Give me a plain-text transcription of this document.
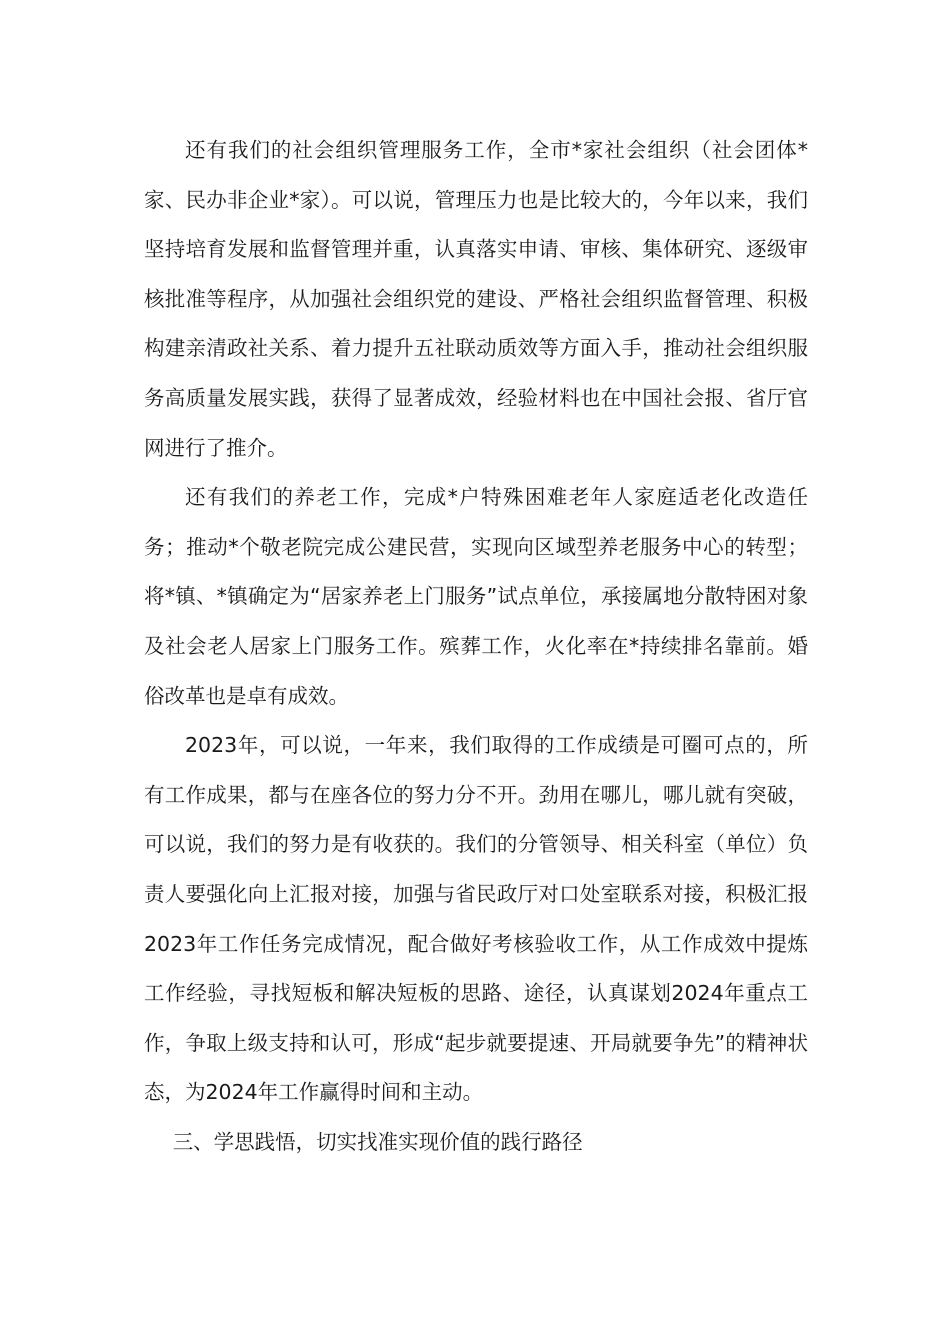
还有我们的社会组织管理服务工作，全市*家社会组织（社会团体*家、民办非企业*家）。可以说，管理压力也是比较大的，今年以来，我们坚持培育发展和监督管理并重，认真落实申请、审核、集体研究、逐级审核批准等程序，从加强社会组织党的建设、严格社会组织监督管理、积极构建亲清政社关系、着力提升五社联动质效等方面入手，推动社会组织服务高质量发展实践，获得了显著成效，经验材料也在中国社会报、省厅官网进行了推介。

还有我们的养老工作，完成*户特殊困难老年人家庭适老化改造任务；推动*个敬老院完成公建民营，实现向区域型养老服务中心的转型；将*镇、*镇确定为“居家养老上门服务”试点单位，承接属地分散特困对象及社会老人居家上门服务工作。殡葬工作，火化率在*持续排名靠前。婚俗改革也是卓有成效。

2023年，可以说，一年来，我们取得的工作成绩是可圈可点的，所有工作成果，都与在座各位的努力分不开。劲用在哪儿，哪儿就有突破，可以说，我们的努力是有收获的。我们的分管领导、相关科室（单位）负责人要强化向上汇报对接，加强与省民政厅对口处室联系对接，积极汇报2023年工作任务完成情况，配合做好考核验收工作，从工作成效中提炼工作经验，寻找短板和解决短板的思路、途径，认真谋划2024年重点工作，争取上级支持和认可，形成“起步就要提速、开局就要争先”的精神状态，为2024年工作赢得时间和主动。

三、学思践悟，切实找准实现价值的践行路径
